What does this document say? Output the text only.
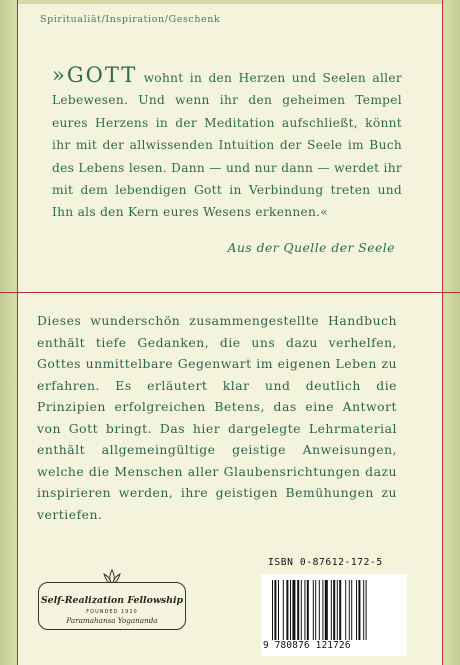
Spiritualiät/Inspiration/Geschenk
»GOTT wohnt in den Herzen und Seelen aller Lebewesen. Und wenn ihr den geheimen Tempel eures Herzens in der Meditation aufschließt, könnt ihr mit der allwissenden Intuition der Seele im Buch des Lebens lesen. Dann — und nur dann — werdet ihr mit dem lebendigen Gott in Verbindung treten und Ihn als den Kern eures Wesens erkennen.«
Aus der Quelle der Seele
Dieses wunderschön zusammengestellte Handbuch enthält tiefe Gedanken, die uns dazu verhelfen, Gottes unmittelbare Gegenwart im eigenen Leben zu erfahren. Es erläutert klar und deutlich die Prinzipien erfolgreichen Betens, das eine Antwort von Gott bringt. Das hier dargelegte Lehrmaterial enthält allgemeingültige geistige Anweisungen, welche die Menschen aller Glaubensrichtungen dazu inspirieren werden, ihre geistigen Bemühungen zu vertiefen.
Self-Realization Fellowship
FOUNDED 1920
Paramahansa Yogananda
ISBN 0-87612-172-5
9 780876 121726
